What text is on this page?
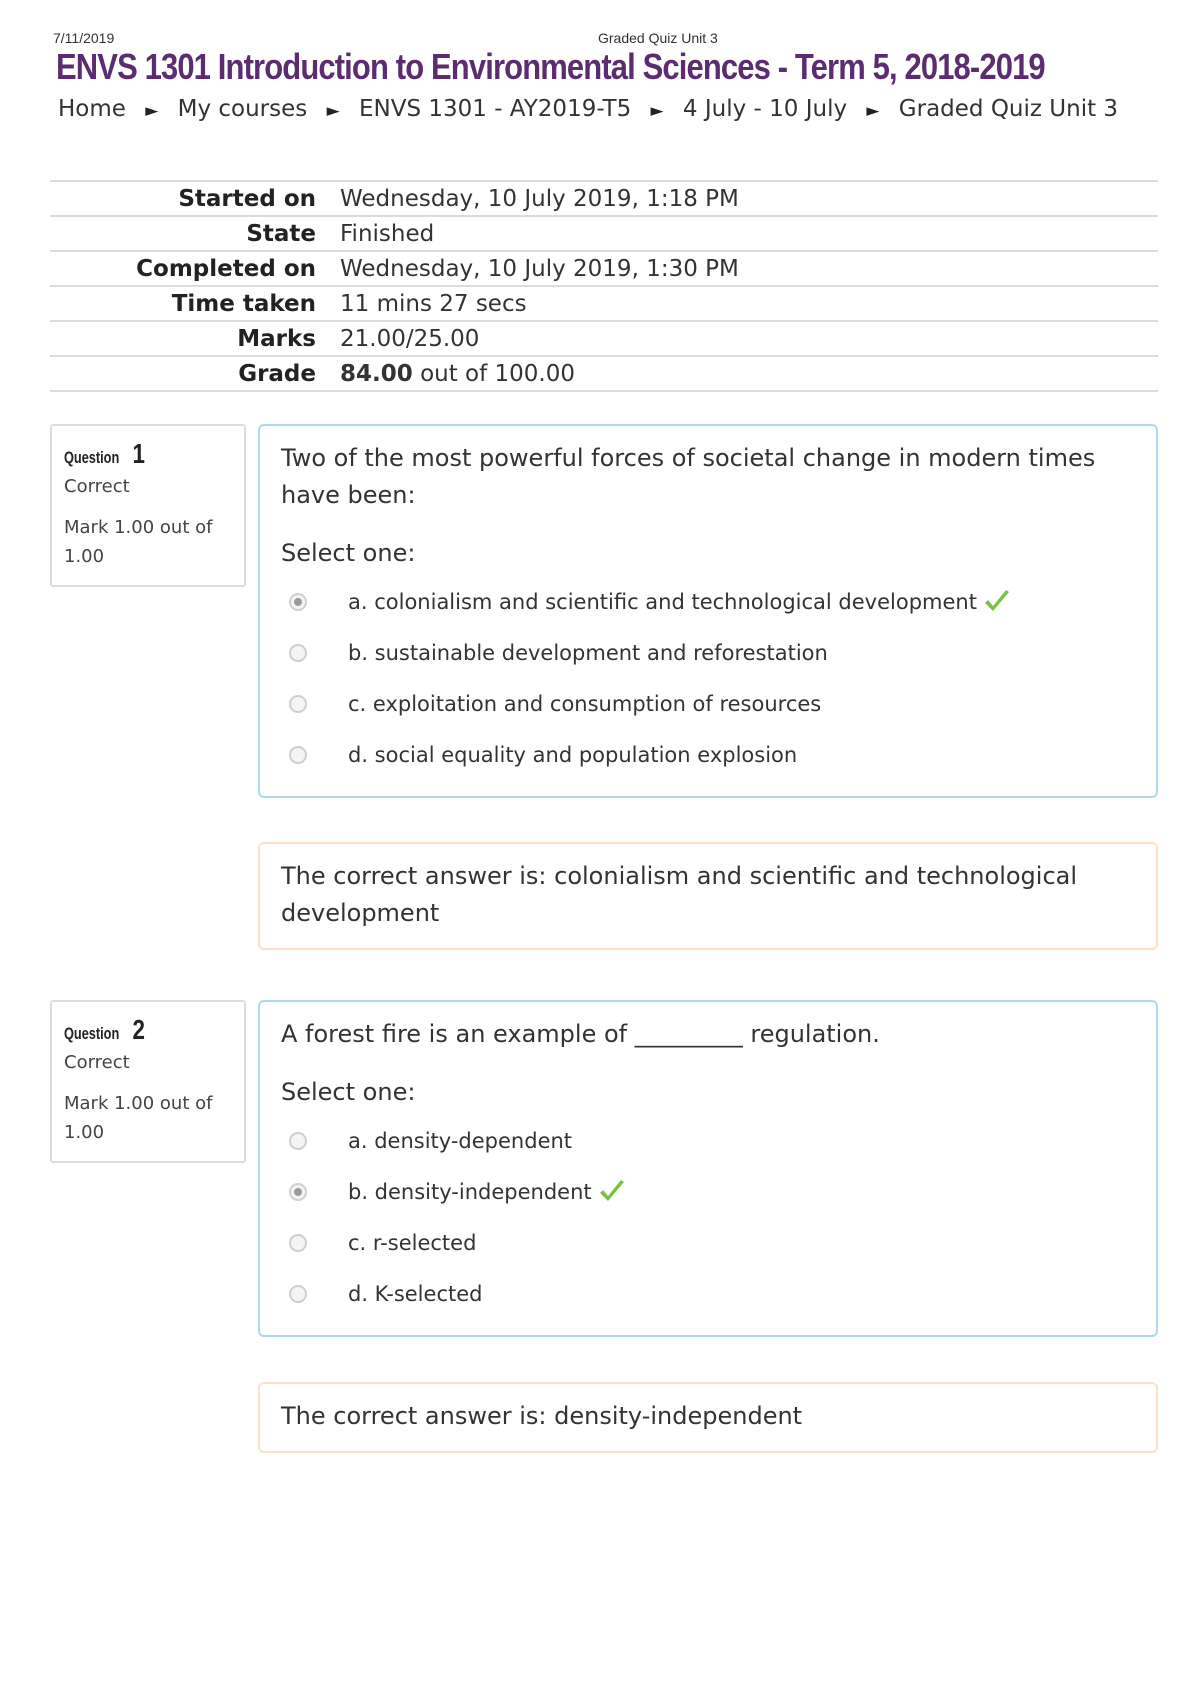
7/11/2019	Graded Quiz Unit 3
ENVS 1301 Introduction to Environmental Sciences - Term 5, 2018-2019
Home ► My courses ► ENVS 1301 - AY2019-T5 ► 4 July - 10 July ► Graded Quiz Unit 3
Started on	Wednesday, 10 July 2019, 1:18 PM
State	Finished
Completed on	Wednesday, 10 July 2019, 1:30 PM
Time taken	11 mins 27 secs
Marks	21.00/25.00
Grade	84.00 out of 100.00
Question 1
Correct
Mark 1.00 out of 1.00

Two of the most powerful forces of societal change in modern times have been:

Select one:
a. colonialism and scientific and technological development
b. sustainable development and reforestation
c. exploitation and consumption of resources
d. social equality and population explosion
The correct answer is: colonialism and scientific and technological development
Question 2
Correct
Mark 1.00 out of 1.00

A forest fire is an example of _________ regulation.

Select one:
a. density-dependent
b. density-independent
c. r-selected
d. K-selected
The correct answer is: density-independent
